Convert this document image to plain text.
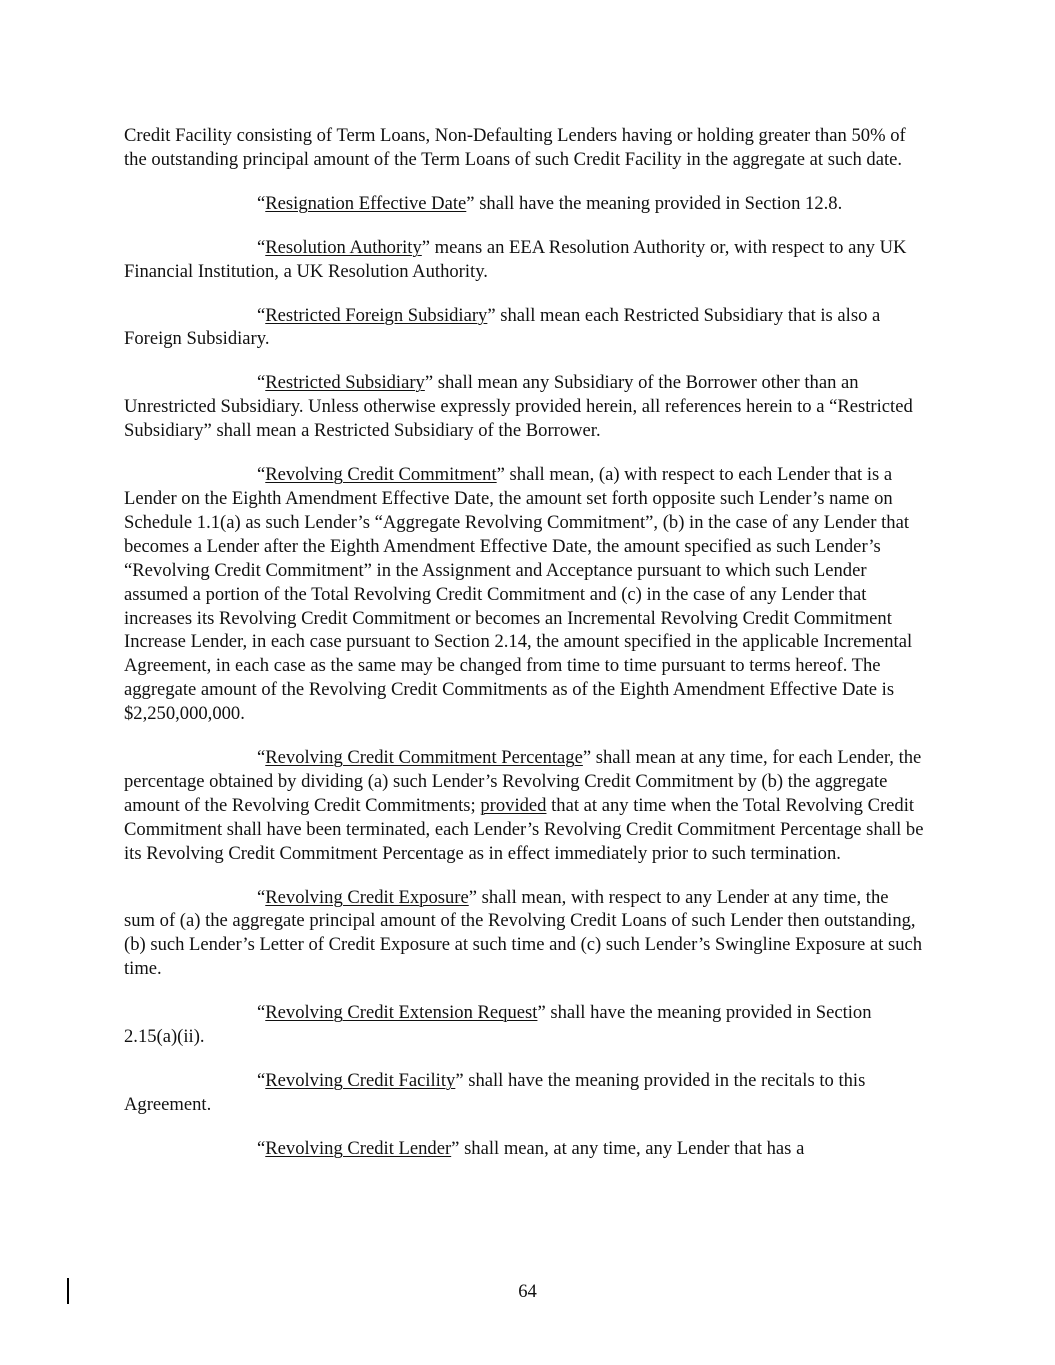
Credit Facility consisting of Term Loans, Non-Defaulting Lenders having or holding greater than 50% of the outstanding principal amount of the Term Loans of such Credit Facility in the aggregate at such date.

“Resignation Effective Date” shall have the meaning provided in Section 12.8.

“Resolution Authority” means an EEA Resolution Authority or, with respect to any UK Financial Institution, a UK Resolution Authority.

“Restricted Foreign Subsidiary” shall mean each Restricted Subsidiary that is also a Foreign Subsidiary.

“Restricted Subsidiary” shall mean any Subsidiary of the Borrower other than an Unrestricted Subsidiary. Unless otherwise expressly provided herein, all references herein to a “Restricted Subsidiary” shall mean a Restricted Subsidiary of the Borrower.

“Revolving Credit Commitment” shall mean, (a) with respect to each Lender that is a Lender on the Eighth Amendment Effective Date, the amount set forth opposite such Lender’s name on Schedule 1.1(a) as such Lender’s “Aggregate Revolving Commitment”, (b) in the case of any Lender that becomes a Lender after the Eighth Amendment Effective Date, the amount specified as such Lender’s “Revolving Credit Commitment” in the Assignment and Acceptance pursuant to which such Lender assumed a portion of the Total Revolving Credit Commitment and (c) in the case of any Lender that increases its Revolving Credit Commitment or becomes an Incremental Revolving Credit Commitment Increase Lender, in each case pursuant to Section 2.14, the amount specified in the applicable Incremental Agreement, in each case as the same may be changed from time to time pursuant to terms hereof. The aggregate amount of the Revolving Credit Commitments as of the Eighth Amendment Effective Date is $2,250,000,000.

“Revolving Credit Commitment Percentage” shall mean at any time, for each Lender, the percentage obtained by dividing (a) such Lender’s Revolving Credit Commitment by (b) the aggregate amount of the Revolving Credit Commitments; provided that at any time when the Total Revolving Credit Commitment shall have been terminated, each Lender’s Revolving Credit Commitment Percentage shall be its Revolving Credit Commitment Percentage as in effect immediately prior to such termination.

“Revolving Credit Exposure” shall mean, with respect to any Lender at any time, the sum of (a) the aggregate principal amount of the Revolving Credit Loans of such Lender then outstanding, (b) such Lender’s Letter of Credit Exposure at such time and (c) such Lender’s Swingline Exposure at such time.

“Revolving Credit Extension Request” shall have the meaning provided in Section 2.15(a)(ii).

“Revolving Credit Facility” shall have the meaning provided in the recitals to this Agreement.

“Revolving Credit Lender” shall mean, at any time, any Lender that has a

64
